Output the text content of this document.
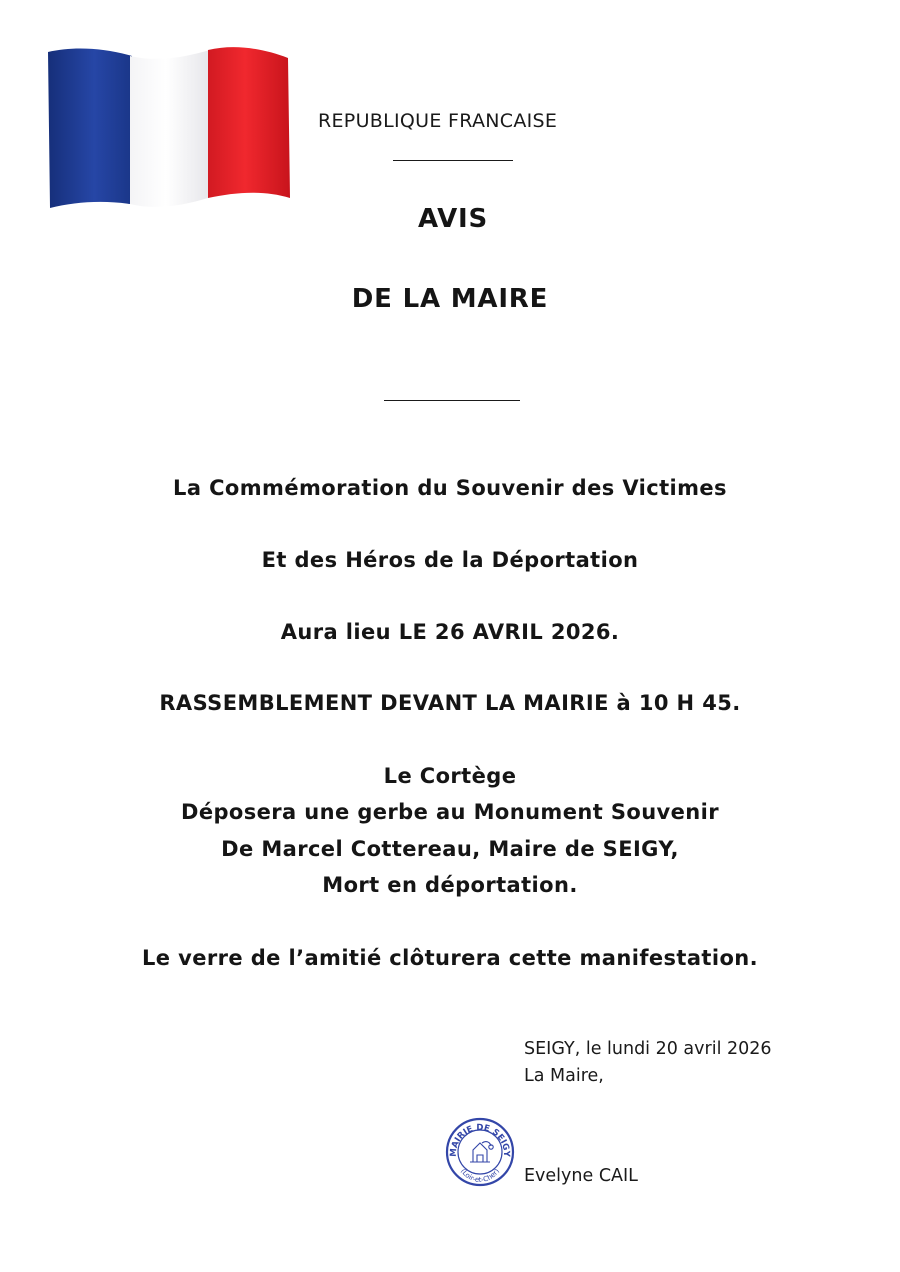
REPUBLIQUE FRANCAISE
AVIS
DE LA MAIRE
La Commémoration du Souvenir des Victimes
Et des Héros de la Déportation
Aura lieu LE 26 AVRIL 2026.
RASSEMBLEMENT DEVANT LA MAIRIE à 10 H 45.
Le Cortège
Déposera une gerbe au Monument Souvenir
De Marcel Cottereau, Maire de SEIGY,
Mort en déportation.
Le verre de l’amitié clôturera cette manifestation.
SEIGY, le lundi 20 avril 2026
La Maire,
MAIRIE DE SEIGY
(Loir-et-Cher) Evelyne CAIL
